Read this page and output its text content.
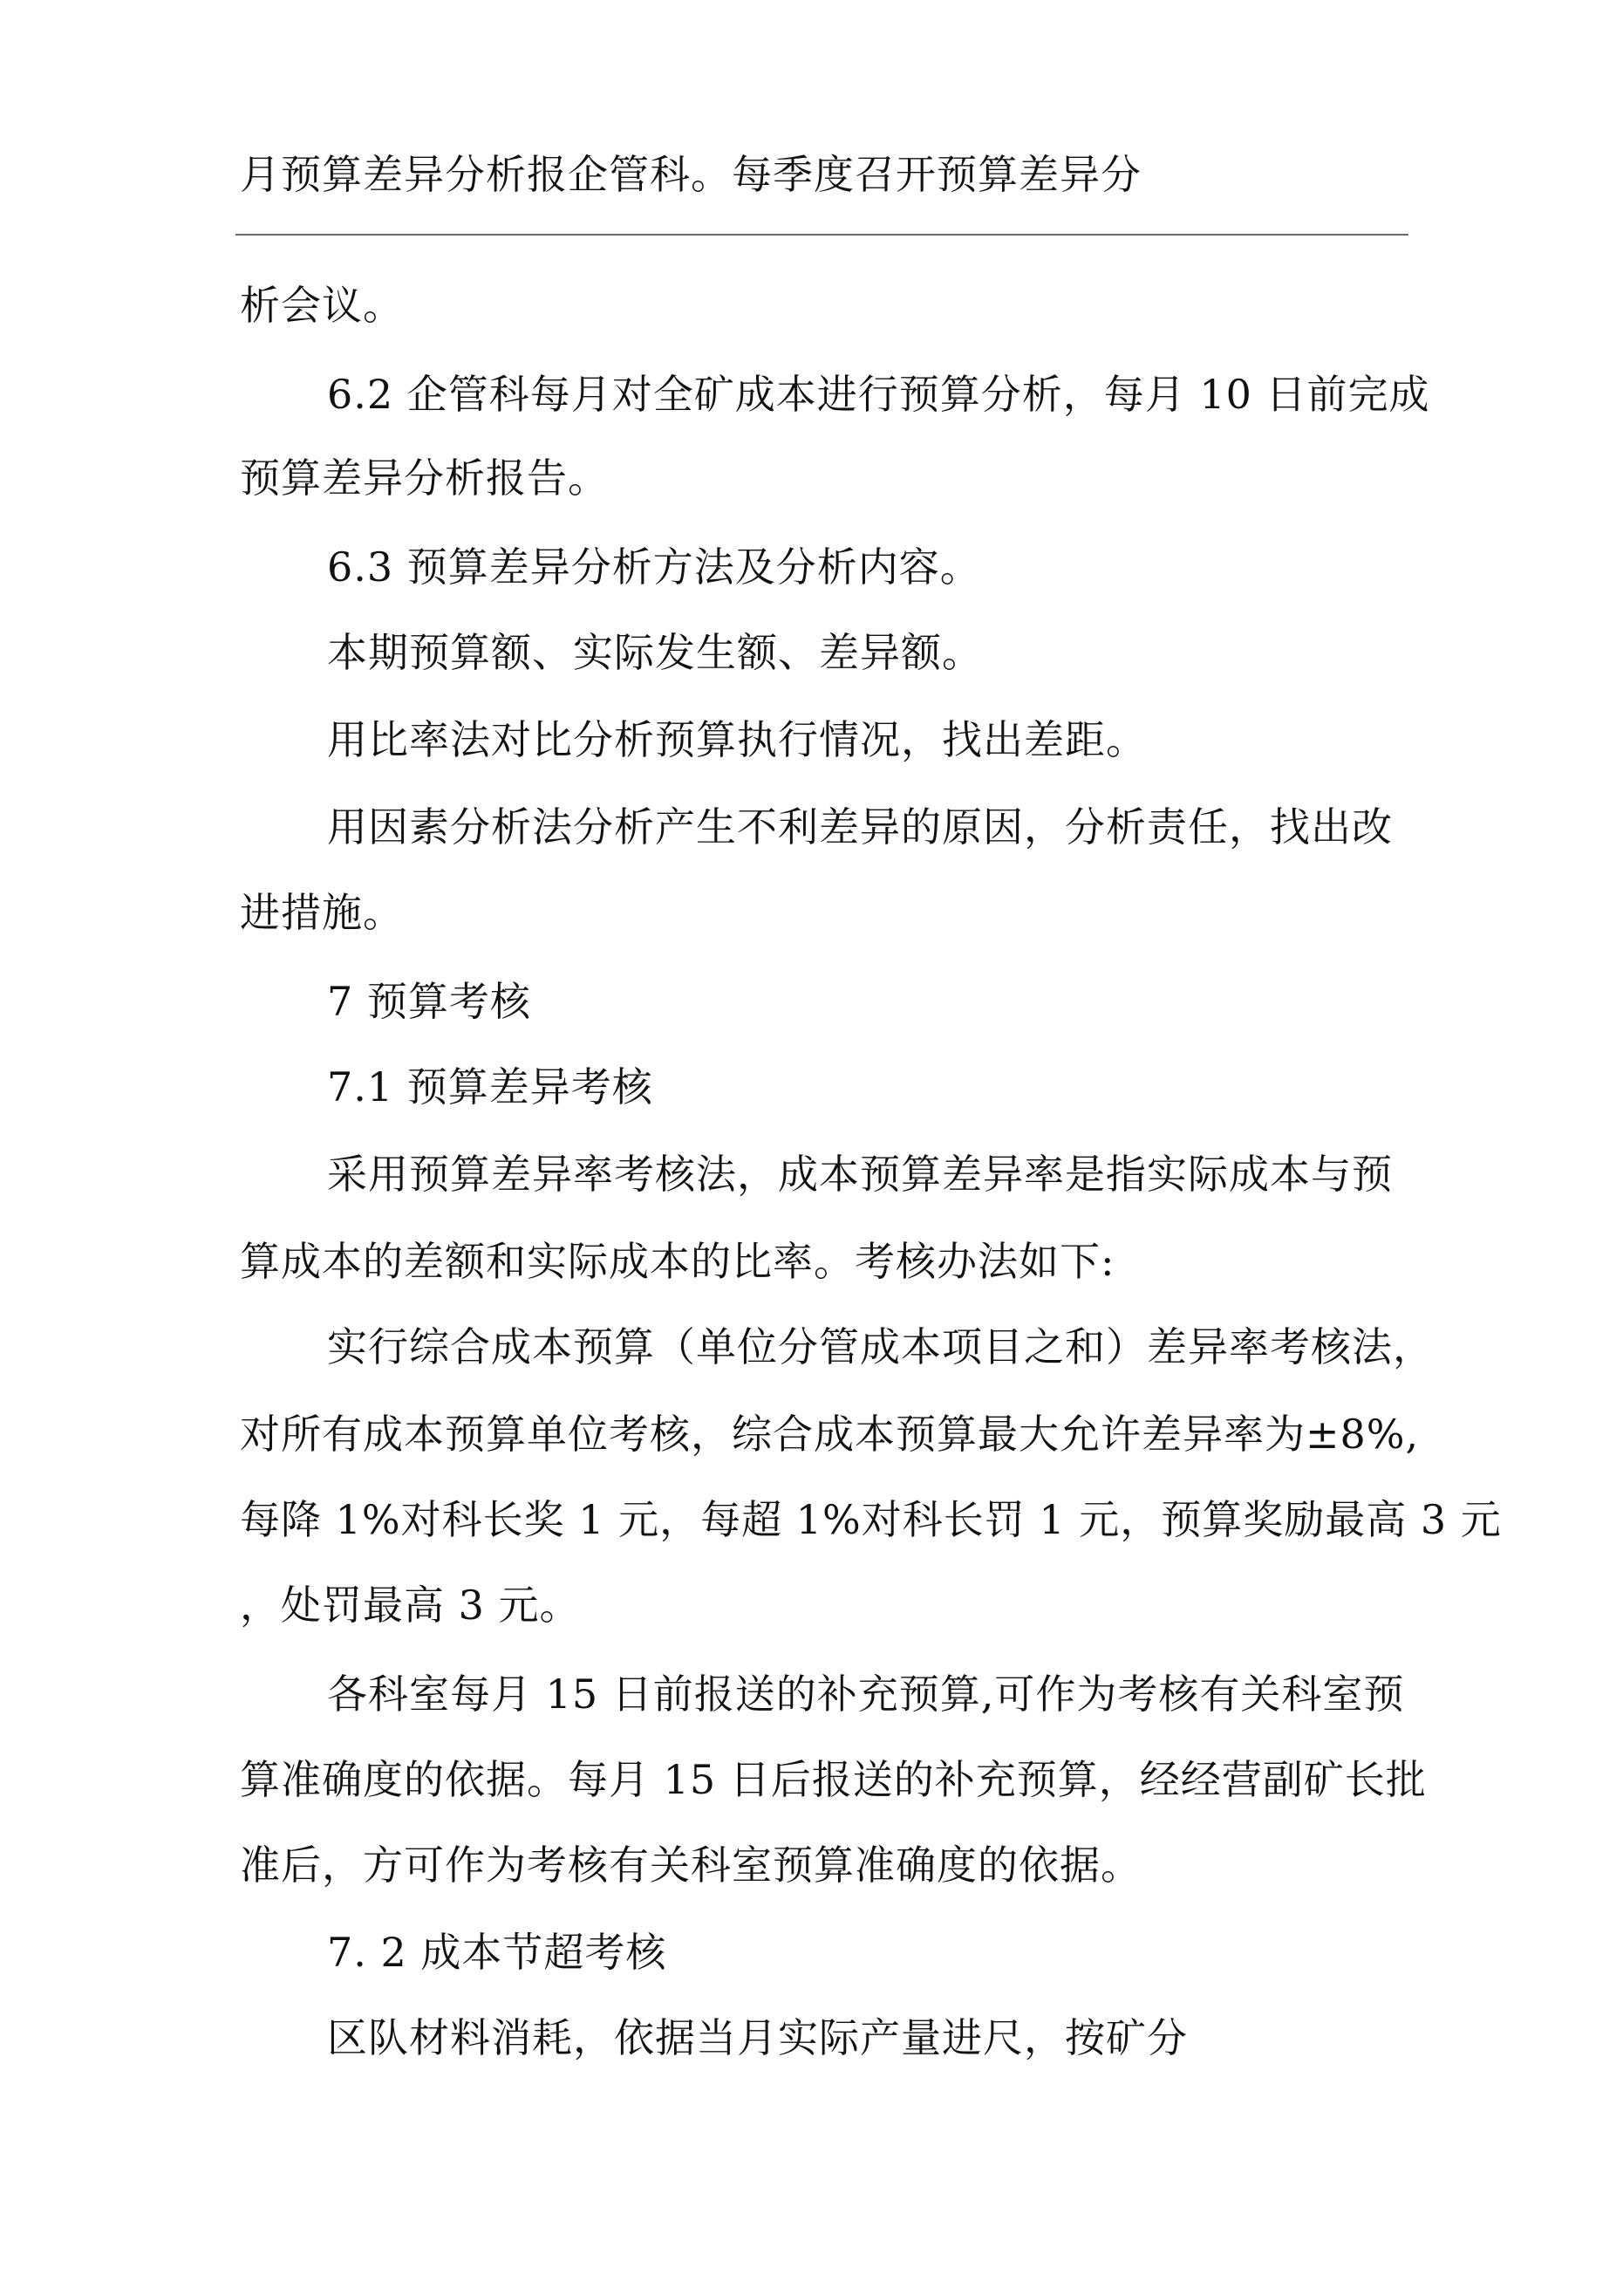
月预算差异分析报企管科。每季度召开预算差异分
析会议。
6.2 企管科每月对全矿成本进行预算分析，每月 10 日前完成
预算差异分析报告。
6.3 预算差异分析方法及分析内容。
本期预算额、实际发生额、差异额。
用比率法对比分析预算执行情况，找出差距。
用因素分析法分析产生不利差异的原因，分析责任，找出改
进措施。
7 预算考核
7.1 预算差异考核
采用预算差异率考核法，成本预算差异率是指实际成本与预
算成本的差额和实际成本的比率。考核办法如下:
实行综合成本预算（单位分管成本项目之和）差异率考核法，
对所有成本预算单位考核，综合成本预算最大允许差异率为±8%,
每降 1%对科长奖 1 元，每超 1%对科长罚 1 元，预算奖励最高 3 元
，处罚最高 3 元。
各科室每月 15 日前报送的补充预算,可作为考核有关科室预
算准确度的依据。每月 15 日后报送的补充预算，经经营副矿长批
准后，方可作为考核有关科室预算准确度的依据。
7. 2 成本节超考核
区队材料消耗，依据当月实际产量进尺，按矿分
